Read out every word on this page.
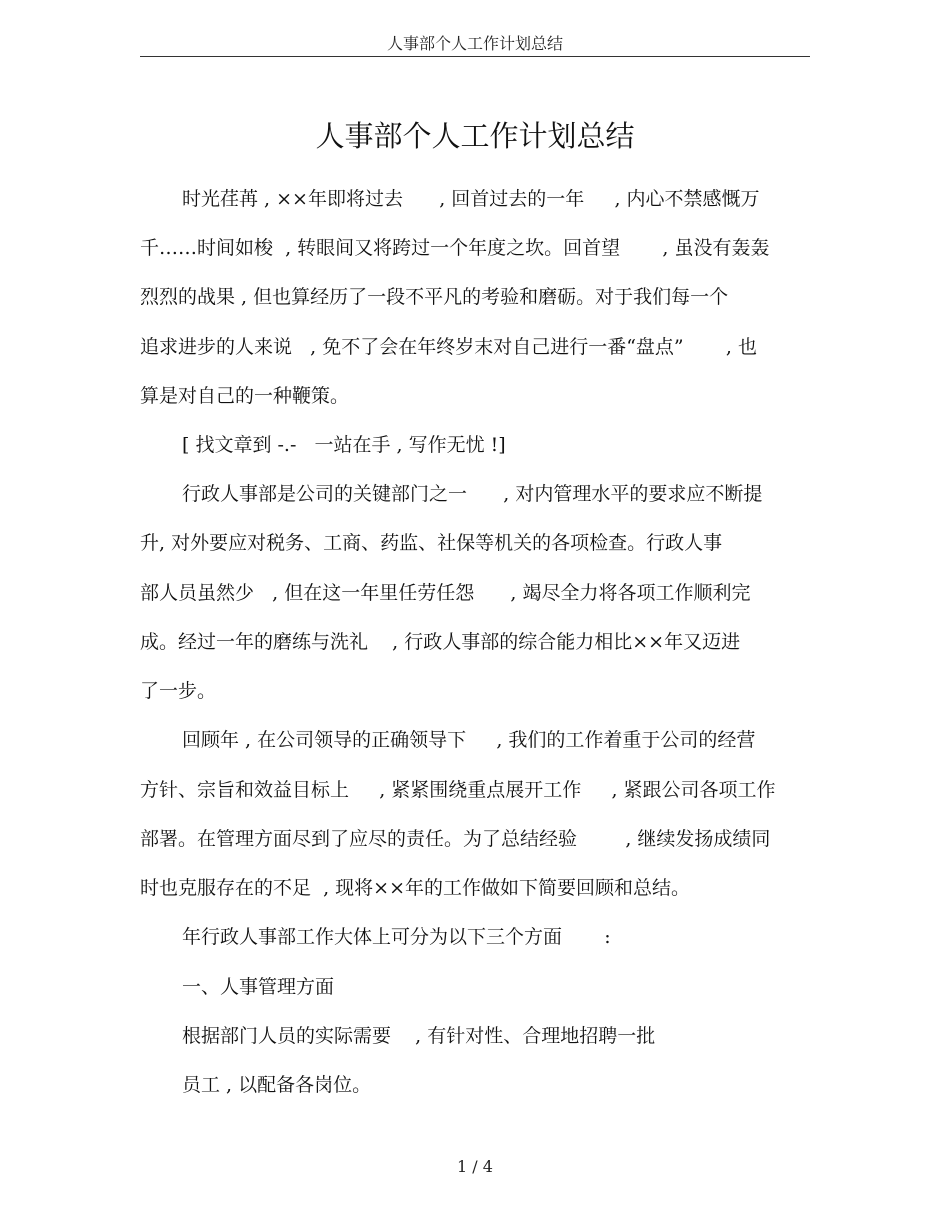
人事部个人工作计划总结
人事部个人工作计划总结
时光荏苒 , ××年即将过去      , 回首过去的一年     , 内心不禁感慨万
千……时间如梭  , 转眼间又将跨过一个年度之坎。回首望       , 虽没有轰轰
烈烈的战果 , 但也算经历了一段不平凡的考验和磨砺。对于我们每一个
追求进步的人来说   , 免不了会在年终岁末对自己进行一番“盘点”       , 也
算是对自己的一种鞭策。
[ 找文章到 -.-   一站在手 , 写作无忧 !]
行政人事部是公司的关键部门之一      , 对内管理水平的要求应不断提
升, 对外要应对税务、工商、药监、社保等机关的各项检查。行政人事
部人员虽然少   , 但在这一年里任劳任怨      , 竭尽全力将各项工作顺利完
成。经过一年的磨练与洗礼    , 行政人事部的综合能力相比××年又迈进
了一步。
回顾年 , 在公司领导的正确领导下     , 我们的工作着重于公司的经营
方针、宗旨和效益目标上     , 紧紧围绕重点展开工作     , 紧跟公司各项工作
部署。在管理方面尽到了应尽的责任。为了总结经验        , 继续发扬成绩同
时也克服存在的不足  , 现将××年的工作做如下简要回顾和总结。
年行政人事部工作大体上可分为以下三个方面       :
一、人事管理方面
根据部门人员的实际需要    , 有针对性、合理地招聘一批
员工 , 以配备各岗位。
1 / 4
